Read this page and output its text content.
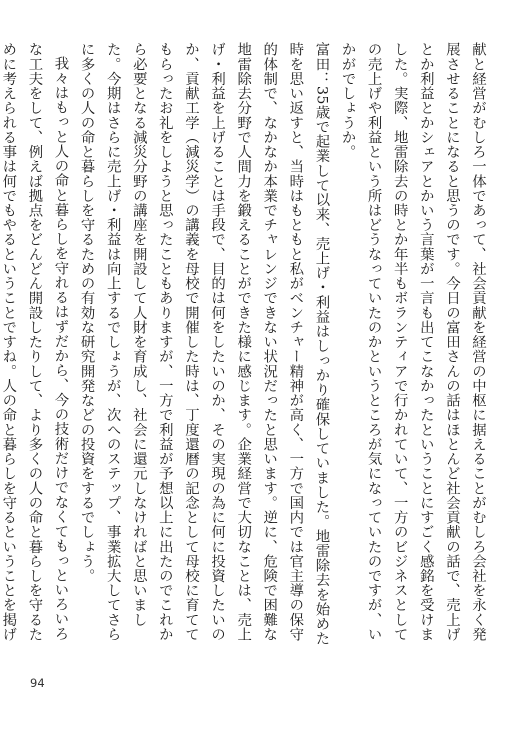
献と経営がむしろ一体であって、社会貢献を経営の中枢に据えることがむしろ会社を永く発展させることになると思うのです。今日の富田さんの話はほとんど社会貢献の話で、売上げとか利益とかシェアとかいう言葉が一言も出てこなかったということにすごく感銘を受けました。実際、地雷除去の時とか年半もボランティアで行かれていて、一方のビジネスとしての売上げや利益という所はどうなっていたのかというところが気になっていたのですが、いかがでしょうか。

富田：35歳で起業して以来、売上げ・利益はしっかり確保していました。地雷除去を始めた時を思い返すと、当時はもともと私がベンチャー精神が高く、一方で国内では官主導の保守的体制で、なかなか本業でチャレンジできない状況だったと思います。逆に、危険で困難な地雷除去分野で人間力を鍛えることができた様に感じます。企業経営で大切なことは、売上げ・利益を上げることは手段で、目的は何をしたいのか、その実現の為に何に投資したいのか、貢献工学（減災学）の講義を母校で開催した時は、丁度還暦の記念として母校に育ててもらったお礼をしようと思ったこともありますが、一方で利益が予想以上に出たのでこれから必要となる減災分野の講座を開設して人財を育成し、社会に還元しなければと思いました。今期はさらに売上げ・利益は向上するでしょうが、次へのステップ、事業拡大してさらに多くの人の命と暮らしを守るための有効な研究開発などの投資をするでしょう。

我々はもっと人の命と暮らしを守れるはずだから、今の技術だけでなくてもっといろいろな工夫をして、例えば拠点をどんどん開設したりして、より多くの人の命と暮らしを守るために考えられる事は何でもやるということですね。人の命と暮らしを守るということを掲げ

94
